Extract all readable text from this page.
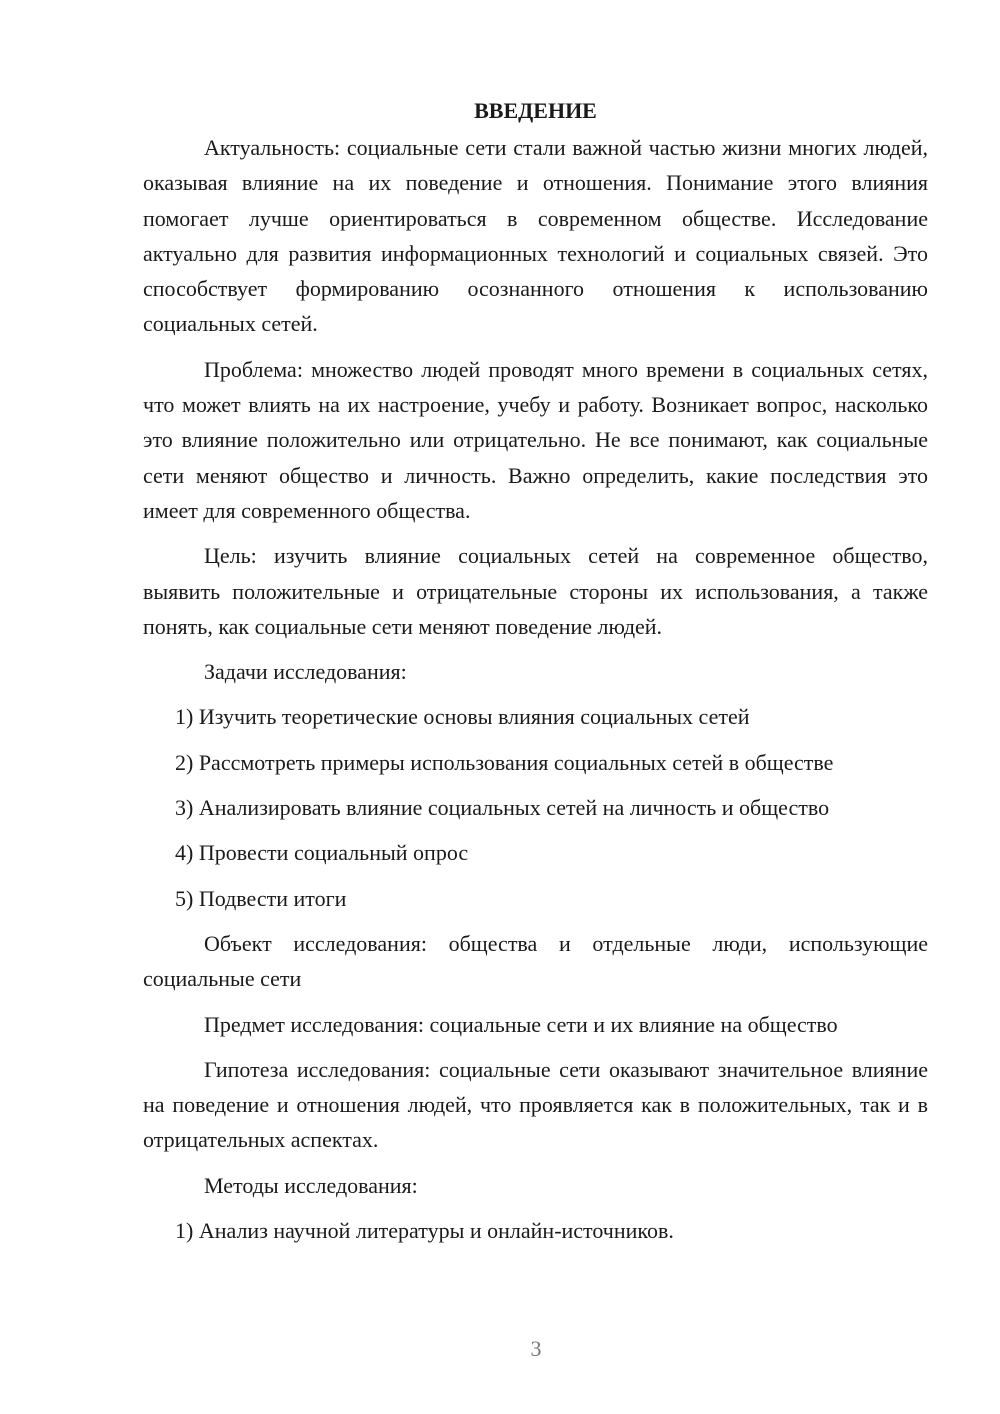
ВВЕДЕНИЕ

Актуальность: социальные сети стали важной частью жизни многих людей, оказывая влияние на их поведение и отношения. Понимание этого влияния помогает лучше ориентироваться в современном обществе. Исследование актуально для развития информационных технологий и социальных связей. Это способствует формированию осознанного отношения к использованию социальных сетей.

Проблема: множество людей проводят много времени в социальных сетях, что может влиять на их настроение, учебу и работу. Возникает вопрос, насколько это влияние положительно или отрицательно. Не все понимают, как социальные сети меняют общество и личность. Важно определить, какие последствия это имеет для современного общества.

Цель: изучить влияние социальных сетей на современное общество, выявить положительные и отрицательные стороны их использования, а также понять, как социальные сети меняют поведение людей.

Задачи исследования:
1) Изучить теоретические основы влияния социальных сетей
2) Рассмотреть примеры использования социальных сетей в обществе
3) Анализировать влияние социальных сетей на личность и общество
4) Провести социальный опрос
5) Подвести итоги

Объект исследования: общества и отдельные люди, использующие социальные сети

Предмет исследования: социальные сети и их влияние на общество

Гипотеза исследования: социальные сети оказывают значительное влияние на поведение и отношения людей, что проявляется как в положительных, так и в отрицательных аспектах.

Методы исследования:
1) Анализ научной литературы и онлайн-источников.
3
